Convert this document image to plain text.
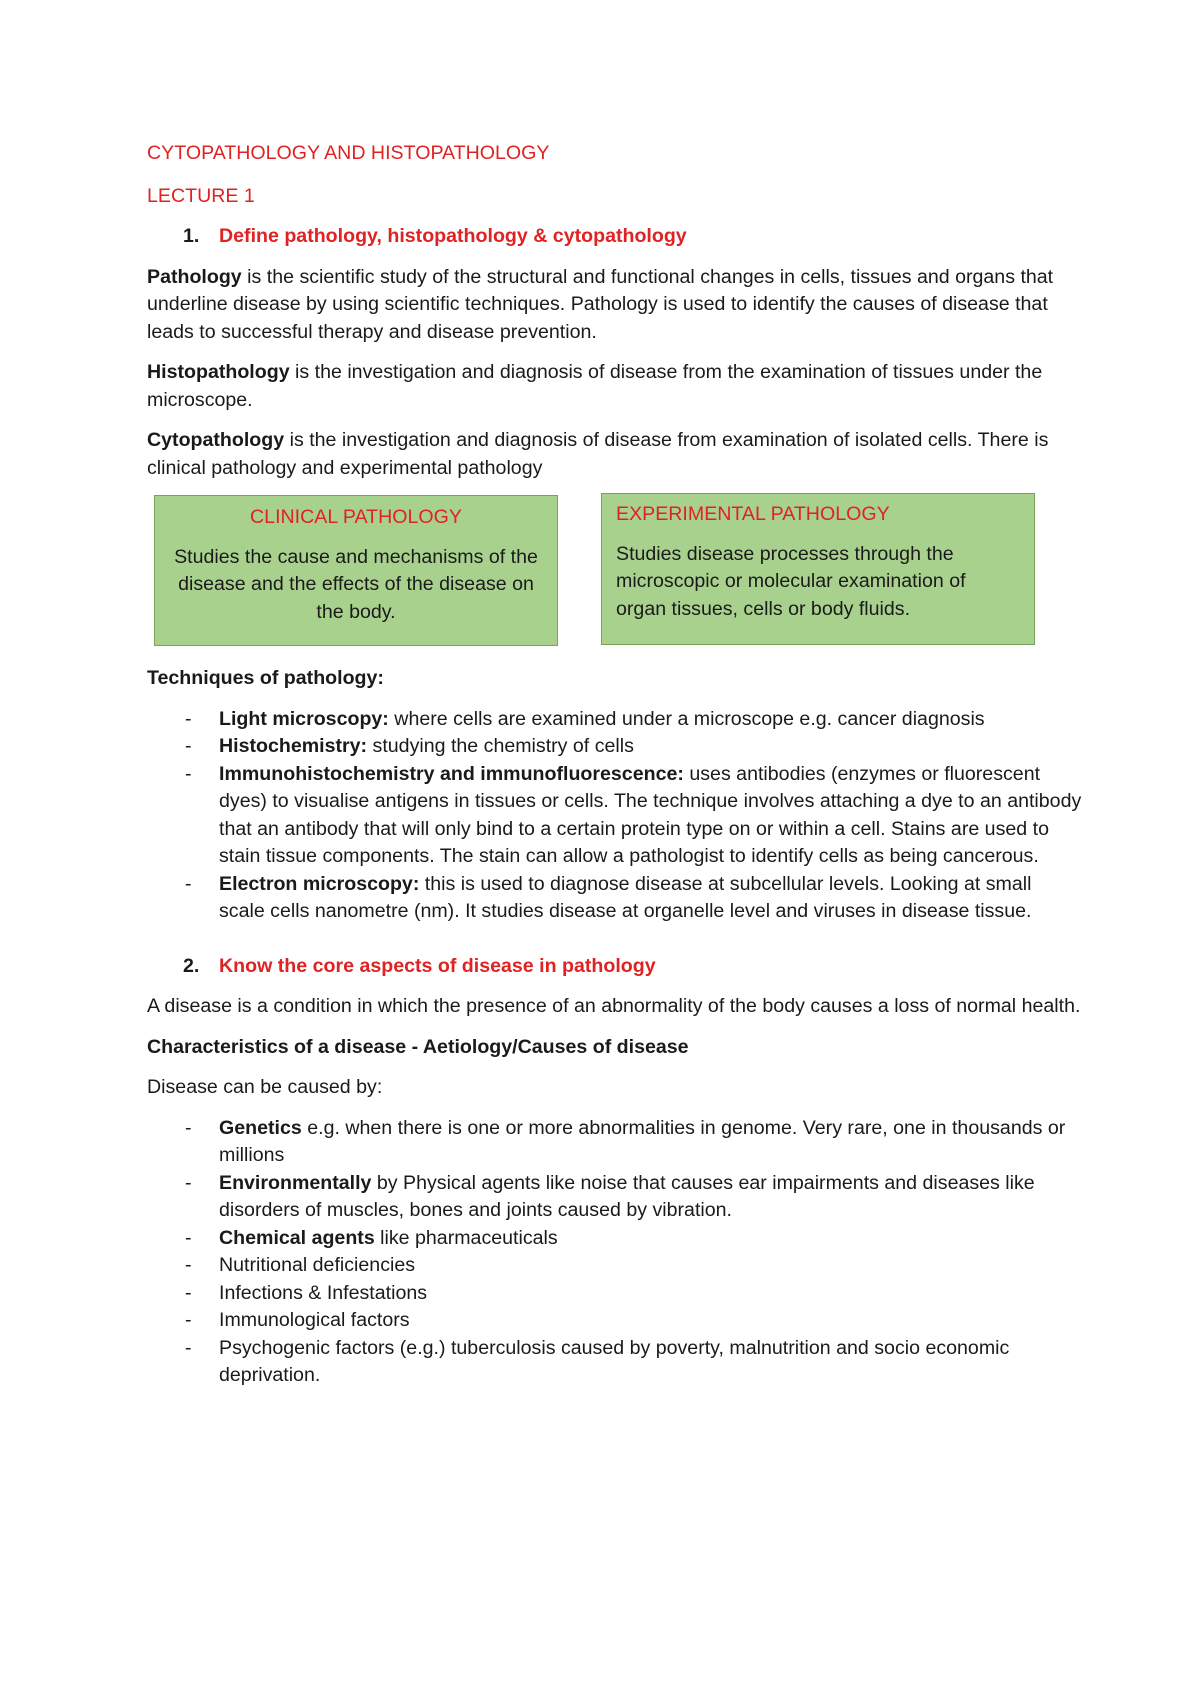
CYTOPATHOLOGY AND HISTOPATHOLOGY
LECTURE 1
1.	Define pathology, histopathology & cytopathology

Pathology is the scientific study of the structural and functional changes in cells, tissues and organs that underline disease by using scientific techniques. Pathology is used to identify the causes of disease that leads to successful therapy and disease prevention.

Histopathology is the investigation and diagnosis of disease from the examination of tissues under the microscope.

Cytopathology is the investigation and diagnosis of disease from examination of isolated cells. There is clinical pathology and experimental pathology

CLINICAL PATHOLOGY
Studies the cause and mechanisms of the disease and the effects of the disease on the body.
EXPERIMENTAL PATHOLOGY
Studies disease processes through the microscopic or molecular examination of organ tissues, cells or body fluids.
Techniques of pathology:
- Light microscopy: where cells are examined under a microscope e.g. cancer diagnosis
- Histochemistry: studying the chemistry of cells
- Immunohistochemistry and immunofluorescence: uses antibodies (enzymes or fluorescent dyes) to visualise antigens in tissues or cells. The technique involves attaching a dye to an antibody that an antibody that will only bind to a certain protein type on or within a cell. Stains are used to stain tissue components. The stain can allow a pathologist to identify cells as being cancerous.
- Electron microscopy: this is used to diagnose disease at subcellular levels. Looking at small scale cells nanometre (nm). It studies disease at organelle level and viruses in disease tissue.
2.	Know the core aspects of disease in pathology

A disease is a condition in which the presence of an abnormality of the body causes a loss of normal health.

Characteristics of a disease - Aetiology/Causes of disease

Disease can be caused by:

- Genetics e.g. when there is one or more abnormalities in genome. Very rare, one in thousands or millions
- Environmentally by Physical agents like noise that causes ear impairments and diseases like disorders of muscles, bones and joints caused by vibration.
- Chemical agents like pharmaceuticals
- Nutritional deficiencies
- Infections & Infestations
- Immunological factors
- Psychogenic factors (e.g.) tuberculosis caused by poverty, malnutrition and socio economic deprivation.
